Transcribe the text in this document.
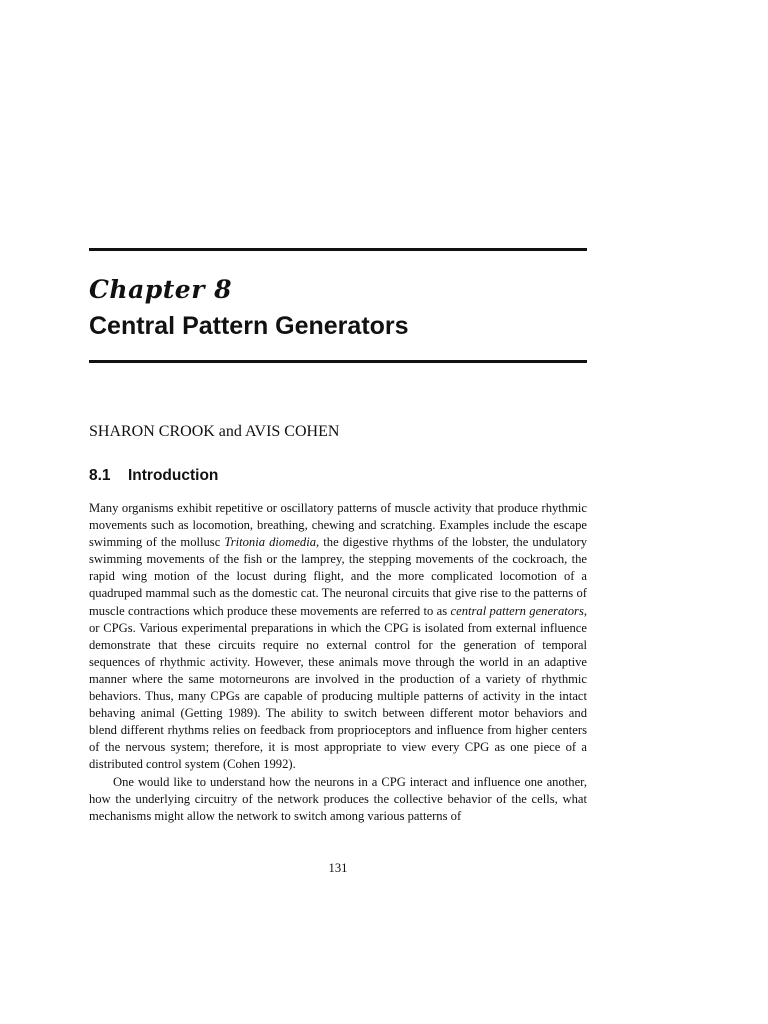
Chapter 8
Central Pattern Generators
SHARON CROOK and AVIS COHEN
8.1 Introduction

Many organisms exhibit repetitive or oscillatory patterns of muscle activity that produce rhythmic movements such as locomotion, breathing, chewing and scratching. Examples include the escape swimming of the mollusc Tritonia diomedia, the digestive rhythms of the lobster, the undulatory swimming movements of the fish or the lamprey, the stepping movements of the cockroach, the rapid wing motion of the locust during flight, and the more complicated locomotion of a quadruped mammal such as the domestic cat. The neuronal circuits that give rise to the patterns of muscle contractions which produce these movements are referred to as central pattern generators, or CPGs. Various experimental preparations in which the CPG is isolated from external influence demonstrate that these circuits require no external control for the generation of temporal sequences of rhythmic activity. However, these animals move through the world in an adaptive manner where the same motorneurons are involved in the production of a variety of rhythmic behaviors. Thus, many CPGs are capable of producing multiple patterns of activity in the intact behaving animal (Getting 1989). The ability to switch between different motor behaviors and blend different rhythms relies on feedback from proprioceptors and influence from higher centers of the nervous system; therefore, it is most appropriate to view every CPG as one piece of a distributed control system (Cohen 1992).

One would like to understand how the neurons in a CPG interact and influence one another, how the underlying circuitry of the network produces the collective behavior of the cells, what mechanisms might allow the network to switch among various patterns of

131
